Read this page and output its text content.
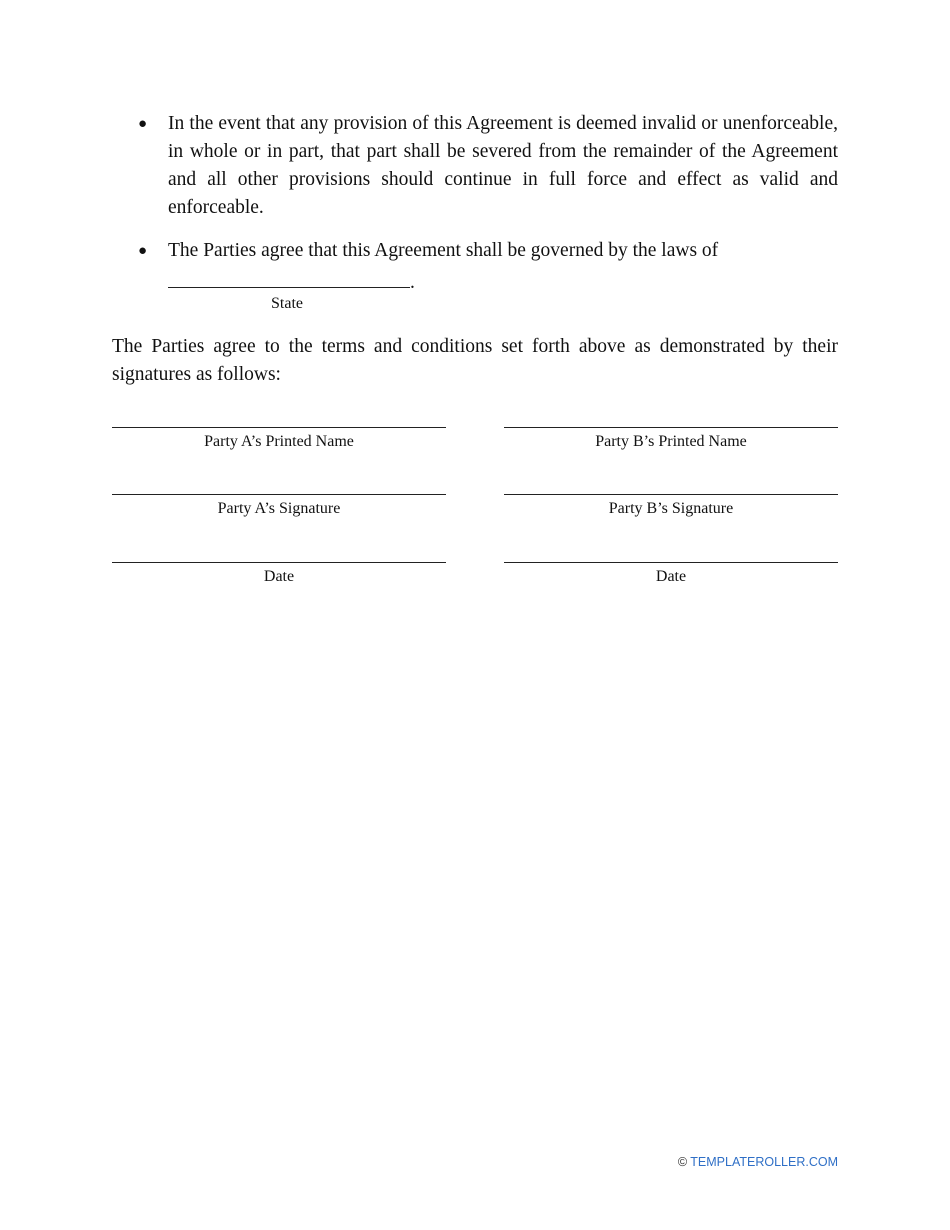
● In the event that any provision of this Agreement is deemed invalid or unenforceable, in whole or in part, that part shall be severed from the remainder of the Agreement and all other provisions should continue in full force and effect as valid and enforceable.
● The Parties agree that this Agreement shall be governed by the laws of
.
State
The Parties agree to the terms and conditions set forth above as demonstrated by their signatures as follows:
Party A’s Printed Name	Party B’s Printed Name
Party A’s Signature	Party B’s Signature
Date	Date
© TEMPLATEROLLER.COM
